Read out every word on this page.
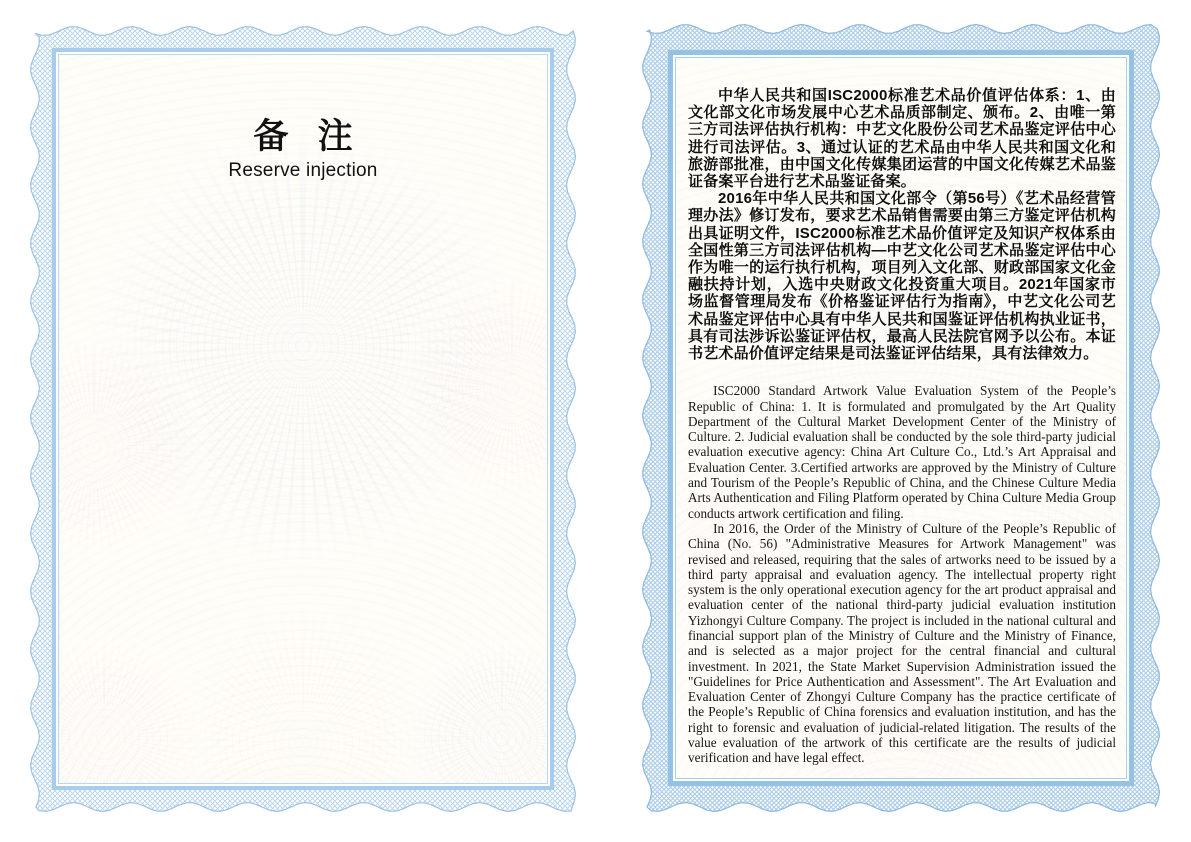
备 注
Reserve injection

中华人民共和国ISC2000标准艺术品价值评估体系：1、由文化部文化市场发展中心艺术品质部制定、颁布。2、由唯一第三方司法评估执行机构：中艺文化股份公司艺术品鉴定评估中心进行司法评估。3、通过认证的艺术品由中华人民共和国文化和旅游部批准，由中国文化传媒集团运营的中国文化传媒艺术品鉴证备案平台进行艺术品鉴证备案。

2016年中华人民共和国文化部令（第56号）《艺术品经营管理办法》修订发布，要求艺术品销售需要由第三方鉴定评估机构出具证明文件，ISC2000标准艺术品价值评定及知识产权体系由全国性第三方司法评估机构—中艺文化公司艺术品鉴定评估中心作为唯一的运行执行机构，项目列入文化部、财政部国家文化金融扶持计划，入选中央财政文化投资重大项目。2021年国家市场监督管理局发布《价格鉴证评估行为指南》，中艺文化公司艺术品鉴定评估中心具有中华人民共和国鉴证评估机构执业证书，具有司法涉诉讼鉴证评估权，最高人民法院官网予以公布。本证书艺术品价值评定结果是司法鉴证评估结果，具有法律效力。

ISC2000 Standard Artwork Value Evaluation System of the People’s Republic of China: 1. It is formulated and promulgated by the Art Quality Department of the Cultural Market Development Center of the Ministry of Culture. 2. Judicial evaluation shall be conducted by the sole third-party judicial evaluation executive agency: China Art Culture Co., Ltd.’s Art Appraisal and Evaluation Center. 3.Certified artworks are approved by the Ministry of Culture and Tourism of the People’s Republic of China, and the Chinese Culture Media Arts Authentication and Filing Platform operated by China Culture Media Group conducts artwork certification and filing.

In 2016, the Order of the Ministry of Culture of the People’s Republic of China (No. 56) "Administrative Measures for Artwork Management" was revised and released, requiring that the sales of artworks need to be issued by a third party appraisal and evaluation agency. The intellectual property right system is the only operational execution agency for the art product appraisal and evaluation center of the national third-party judicial evaluation institution Yizhongyi Culture Company. The project is included in the national cultural and financial support plan of the Ministry of Culture and the Ministry of Finance, and is selected as a major project for the central financial and cultural investment. In 2021, the State Market Supervision Administration issued the "Guidelines for Price Authentication and Assessment". The Art Evaluation and Evaluation Center of Zhongyi Culture Company has the practice certificate of the People’s Republic of China forensics and evaluation institution, and has the right to forensic and evaluation of judicial-related litigation. The results of the value evaluation of the artwork of this certificate are the results of judicial verification and have legal effect.
